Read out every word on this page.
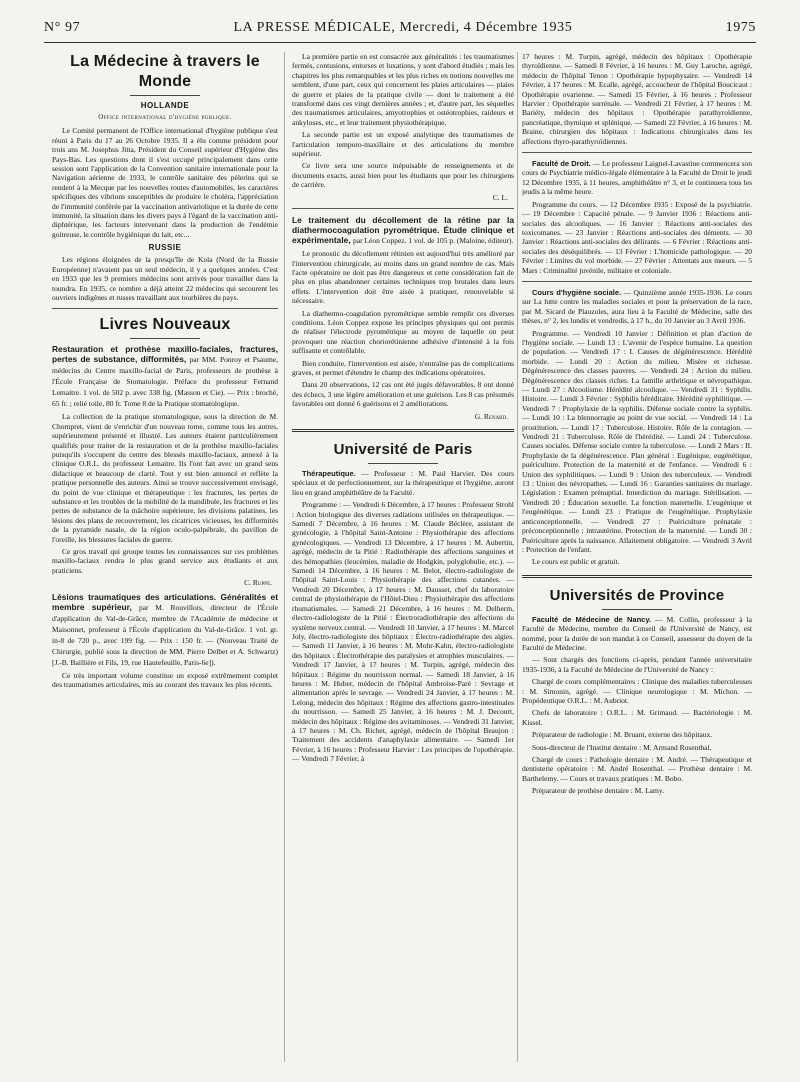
N° 97	LA PRESSE MÉDICALE, Mercredi, 4 Décembre 1935	1975
La Médecine à travers le Monde
HOLLANDE
Office international d'hygiène publique.

Le Comité permanent de l'Office international d'hygiène publique s'est réuni à Paris du 17 au 26 Octobre 1935. Il a élu comme président pour trois ans M. Josephus Jitta, Président du Conseil supérieur d'Hygiène des Pays-Bas. Les questions dont il s'est occupé principalement dans cette session sont l'application de la Convention sanitaire internationale pour la Navigation aérienne de 1933, le contrôle sanitaire des pèlerins qui se rendent à la Mecque par les nouvelles routes d'automobiles, les caractères spécifiques des vibrions susceptibles de produire le choléra, l'appréciation de l'immunité conférée par la vaccination antivariolique et la durée de cette immunité, la situation dans les divers pays à l'égard de la vaccination anti-diphtérique, les facteurs intervenant dans la production de l'endémie goitreuse, le contrôle hygiénique du lait, etc...

RUSSIE

Les régions éloignées de la presqu'île de Kola (Nord de la Russie Européenne) n'avaient pas un seul médecin, il y a quelques années. C'est en 1933 que les 9 premiers médecins sont arrivés pour travailler dans la toundra. En 1935, ce nombre a déjà atteint 22 médecins qui secourent les ouvriers indigènes et russes travaillant aux tourbières du pays.

Livres Nouveaux

Restauration et prothèse maxillo-faciales, fractures, pertes de substance, difformités, par MM. Ponroy et Psaume, médecins du Centre maxillo-facial de Paris, professeurs de prothèse à l'École Française de Stomatologie. Préface du professeur Fernand Lemaitre. 1 vol. de 502 p. avec 338 fig. (Masson et Cie). — Prix : broché, 65 fr. ; relié toile, 80 fr. Tome 8 de la Pratique stomatologique.

La collection de la pratique stomatologique, sous la direction de M. Chompret, vient de s'enrichir d'un nouveau tome, comme tous les autres, supérieurement présenté et illustré. Les auteurs étaient particulièrement qualifiés pour traiter de la restauration et de la prothèse maxillo-faciales puisqu'ils s'occupent du centre des blessés maxillo-faciaux, annexé à la clinique O.R.L. du professeur Lemaitre. Ils l'ont fait avec un grand sens didactique et beaucoup de clarté. Tout y est bien annoncé et reflète la pratique personnelle des auteurs. Ainsi se trouve successivement envisagé, du point de vue clinique et thérapeutique : les fractures, les pertes de substance et les troubles de la mobilité de la mandibule, les fractures et les pertes de substance de la mâchoire supérieure, les divisions palatines, les lésions des plans de recouvrement, les cicatrices vicieuses, les difformités de la pyramide nasale, de la région oculo-palpébrale, du pavillon de l'oreille, les blessures faciales de guerre.

Ce gros travail qui groupe toutes les connaissances sur ces problèmes maxillo-faciaux rendra le plus grand service aux étudiants et aux praticiens.

C. Ruppe.

Lésions traumatiques des articulations. Généralités et membre supérieur, par M. Rouvillois, directeur de l'École d'application du Val-de-Grâce, membre de l'Académie de médecine et Maisonnet, professeur à l'École d'application du Val-de-Grâce. 1 vol. gr. in-8 de 720 p., avec 199 fig. — Prix : 150 fr. — (Nouveau Traité de Chirurgie, publié sous la direction de MM. Pierre Delbet et A. Schwartz) [J.-B. Baillière et Fils, 19, rue Hautefeuille, Paris-6e]).

Ce très important volume constitue un exposé extrêmement complet des traumatismes articulaires, mis au courant des travaux les plus récents.

La première partie en est consacrée aux généralités : les traumatismes fermés, contusions, entorses et luxations, y sont d'abord étudiés ; mais les chapitres les plus remarquables et les plus riches en notions nouvelles me semblent, d'une part, ceux qui concernent les plaies articulaires — plaies de guerre et plaies de la pratique civile — dont le traitement a été transformé dans ces vingt dernières années ; et, d'autre part, les séquelles des traumatismes articulaires, amyotrophies et ostéotrophies, raideurs et ankyloses, etc., et leur traitement physiothérapique.

La seconde partie est un exposé analytique des traumatismes de l'articulation temporo-maxillaire et des articulations du membre supérieur.

Ce livre sera une source inépuisable de renseignements et de documents exacts, aussi bien pour les étudiants que pour les chirurgiens de carrière.

C. L.

Le traitement du décollement de la rétine par la diathermocoagulation pyrométrique. Étude clinique et expérimentale, par Léon Coppez. 1 vol. de 105 p. (Maloine, éditeur).

Le pronostic du décollement rétinien est aujourd'hui très amélioré par l'intervention chirurgicale, au moins dans un grand nombre de cas. Mais l'acte opératoire ne doit pas être dangereux et cette considération fait de plus en plus abandonner certaines techniques trop brutales dans leurs effets. L'intervention doit être aisée à pratiquer, renouvelable si nécessaire.

La diathermo-coagulation pyrométrique semble remplir ces diverses conditions. Léon Coppez expose les principes physiques qui ont permis de réaliser l'électrode pyrométrique au moyen de laquelle on peut provoquer une réaction choriorétinienne adhésive d'intensité à la fois suffisante et contrôlable.

Bien conduite, l'intervention est aisée, n'entraîne pas de complications graves, et permet d'étendre le champ des indications opératoires.

Dans 20 observations, 12 cas ont été jugés défavorables, 8 ont donné des échecs, 3 une légère amélioration et une guérison. Les 8 cas présumés favorables ont donné 6 guérisons et 2 améliorations.

G. Renard.

Université de Paris

Thérapeutique. — Professeur : M. Paul Harvier. Des cours spéciaux et de perfectionnement, sur la thérapeutique et l'hygiène, auront lieu en grand amphithéâtre de la Faculté.

Programme : — Vendredi 6 Décembre, à 17 heures : Professeur Strohl : Action biologique des diverses radiations utilisées en thérapeutique. — Samedi 7 Décembre, à 16 heures : M. Claude Béclère, assistant de gynécologie, à l'hôpital Saint-Antoine : Physiothérapie des affections gynécologiques. — Vendredi 13 Décembre, à 17 heures : M. Aubertin, agrégé, médecin de la Pitié : Radiothérapie des affections sanguines et des hémopathies (leucémies, maladie de Hodgkin, polyglobulie, etc.). — Samedi 14 Décembre, à 16 heures : M. Belot, électro-radiologiste de l'hôpital Saint-Louis : Physiothérapie des affections cutanées. — Vendredi 20 Décembre, à 17 heures : M. Dausset, chef du laboratoire central de physiothérapie de l'Hôtel-Dieu : Physiothérapie des affections rhumatismales. — Samedi 21 Décembre, à 16 heures : M. Delherm, électro-radiologiste de la Pitié : Électroradiothérapie des affections du système nerveux central. — Vendredi 10 Janvier, à 17 heures : M. Marcel Joly, électro-radiologiste des hôpitaux : Électro-radiothérapie des algies. — Samedi 11 Janvier, à 16 heures : M. Mohr-Kahn, électro-radiologiste des hôpitaux : Électrothérapie des paralysies et atrophies musculaires. — Vendredi 17 Janvier, à 17 heures : M. Turpin, agrégé, médecin des hôpitaux : Régime du nourrisson normal. — Samedi 18 Janvier, à 16 heures : M. Huber, médecin de l'hôpital Ambroise-Paré : Sevrage et alimentation après le sevrage. — Vendredi 24 Janvier, à 17 heures : M. Lelong, médecin des hôpitaux : Régime des affections gastro-intestinales du nourrisson. — Samedi 25 Janvier, à 16 heures : M. J. Decourt, médecin des hôpitaux : Régime des avitaminoses. — Vendredi 31 Janvier, à 17 heures : M. Ch. Richet, agrégé, médecin de l'hôpital Beaujon : Traitement des accidents d'anaphylaxie alimentaire. — Samedi 1er Février, à 16 heures : Professeur Harvier : Les principes de l'opothérapie. — Vendredi 7 Février, à

17 heures : M. Turpin, agrégé, médecin des hôpitaux : Opothérapie thyroïdienne. — Samedi 8 Février, à 16 heures : M. Guy Laroche, agrégé, médecin de l'hôpital Tenon : Opothérapie hypophysaire. — Vendredi 14 Février, à 17 heures : M. Ecalle, agrégé, accoucheur de l'hôpital Boucicaut : Opothérapie ovarienne. — Samedi 15 Février, à 16 heures : Professeur Harvier : Opothérapie surrénale. — Vendredi 21 Février, à 17 heures : M. Bariéty, médecin des hôpitaux : Opothérapie parathyroïdienne, pancréatique, thymique et splénique. — Samedi 22 Février, à 16 heures : M. Braine, chirurgien des hôpitaux : Indications chirurgicales dans les affections thyro-parathyroïdiennes.

Faculté de Droit. — Le professeur Laignel-Lavastine commencera son cours de Psychiatrie médico-légale élémentaire à la Faculté de Droit le jeudi 12 Décembre 1935, à 11 heures, amphithéâtre n° 3, et le continuera tous les jeudis à la même heure.

Programme du cours. — 12 Décembre 1935 : Exposé de la psychiatrie. — 19 Décembre : Capacité pénale. — 9 Janvier 1936 : Réactions anti-sociales des alcooliques. — 16 Janvier : Réactions anti-sociales des toxicomanes. — 23 Janvier : Réactions anti-sociales des déments. — 30 Janvier : Réactions anti-sociales des délirants. — 6 Février : Réactions anti-sociales des déséquilibrés. — 13 Février : L'homicide pathologique. — 20 Février : Limites du vol morbide. — 27 Février : Attentats aux mœurs. — 5 Mars : Criminalité juvénile, militaire et coloniale.

Cours d'hygiène sociale. — Quinzième année 1935-1936. Le cours sur La lutte contre les maladies sociales et pour la préservation de la race, par M. Sicard de Plauzoles, aura lieu à la Faculté de Médecine, salle des thèses, n° 2, les lundis et vendredis, à 17 h., du 10 Janvier au 3 Avril 1936.

Programme. — Vendredi 10 Janvier : Définition et plan d'action de l'hygiène sociale. — Lundi 13 : L'avenir de l'espèce humaine. La question de population. — Vendredi 17 : I. Causes de dégénérescence. Hérédité morbide. — Lundi 20 : Action du milieu. Misère et richesse. Dégénérescence des classes pauvres. — Vendredi 24 : Action du milieu. Dégénérescence des classes riches. La famille arthritique et névropathique. — Lundi 27 : Alcoolisme. Hérédité alcoolique. — Vendredi 31 : Syphilis. Histoire. — Lundi 3 Février : Syphilis héréditaire. Hérédité syphilitique. — Vendredi 7 : Prophylaxie de la syphilis. Défense sociale contre la syphilis. — Lundi 10 : La blennorragie au point de vue social. — Vendredi 14 : La prostitution. — Lundi 17 : Tuberculose. Histoire. Rôle de la contagion. — Vendredi 21 : Tuberculose. Rôle de l'hérédité. — Lundi 24 : Tuberculose. Causes sociales. Défense sociale contre la tuberculose. — Lundi 2 Mars : II. Prophylaxie de la dégénérescence. Plan général : Eugénique, eugénétique, puériculture. Protection de la maternité et de l'enfance. — Vendredi 6 : Union des syphilitiques. — Lundi 9 : Union des tuberculeux. — Vendredi 13 : Union des névropathes. — Lundi 16 : Garanties sanitaires du mariage. Législation : Examen prénuptial. Interdiction du mariage. Stérilisation. — Vendredi 20 : Éducation sexuelle. La fonction maternelle. L'eugénique et l'eugénétique. — Lundi 23 : Pratique de l'eugénétique. Prophylaxie anticonceptionnelle. — Vendredi 27 : Puériculture prénatale : préconceptionnelle ; intrautérine. Protection de la maternité. — Lundi 30 : Puériculture après la naissance. Allaitement obligatoire. — Vendredi 3 Avril : Protection de l'enfant.

Le cours est public et gratuit.

Universités de Province

Faculté de Médecine de Nancy. — M. Collin, professeur à la Faculté de Médecine, membre du Conseil de l'Université de Nancy, est nommé, pour la durée de son mandat à ce Conseil, assesseur du doyen de la Faculté de Médecine.

— Sont chargés des fonctions ci-après, pendant l'année universitaire 1935-1936, à la Faculté de Médecine de l'Université de Nancy :

Chargé de cours complémentaires : Clinique des maladies tuberculeuses : M. Simonin, agrégé. — Clinique neurologique : M. Michon. — Propédeutique O.R.L. : M. Aubriot.

Chefs de laboratoire : O.R.L. : M. Grimaud. — Bactériologie : M. Kissel.

Préparateur de radiologie : M. Bruant, externe des hôpitaux.

Sous-directeur de l'Institut dentaire : M. Armand Rosenthal.

Chargé de cours : Pathologie dentaire : M. André. — Thérapeutique et dentisterie opératoire : M. André Rosenthal. — Prothèse dentaire : M. Barthelemy. — Cours et travaux pratiques : M. Bobo.

Préparateur de prothèse dentaire : M. Lamy.
